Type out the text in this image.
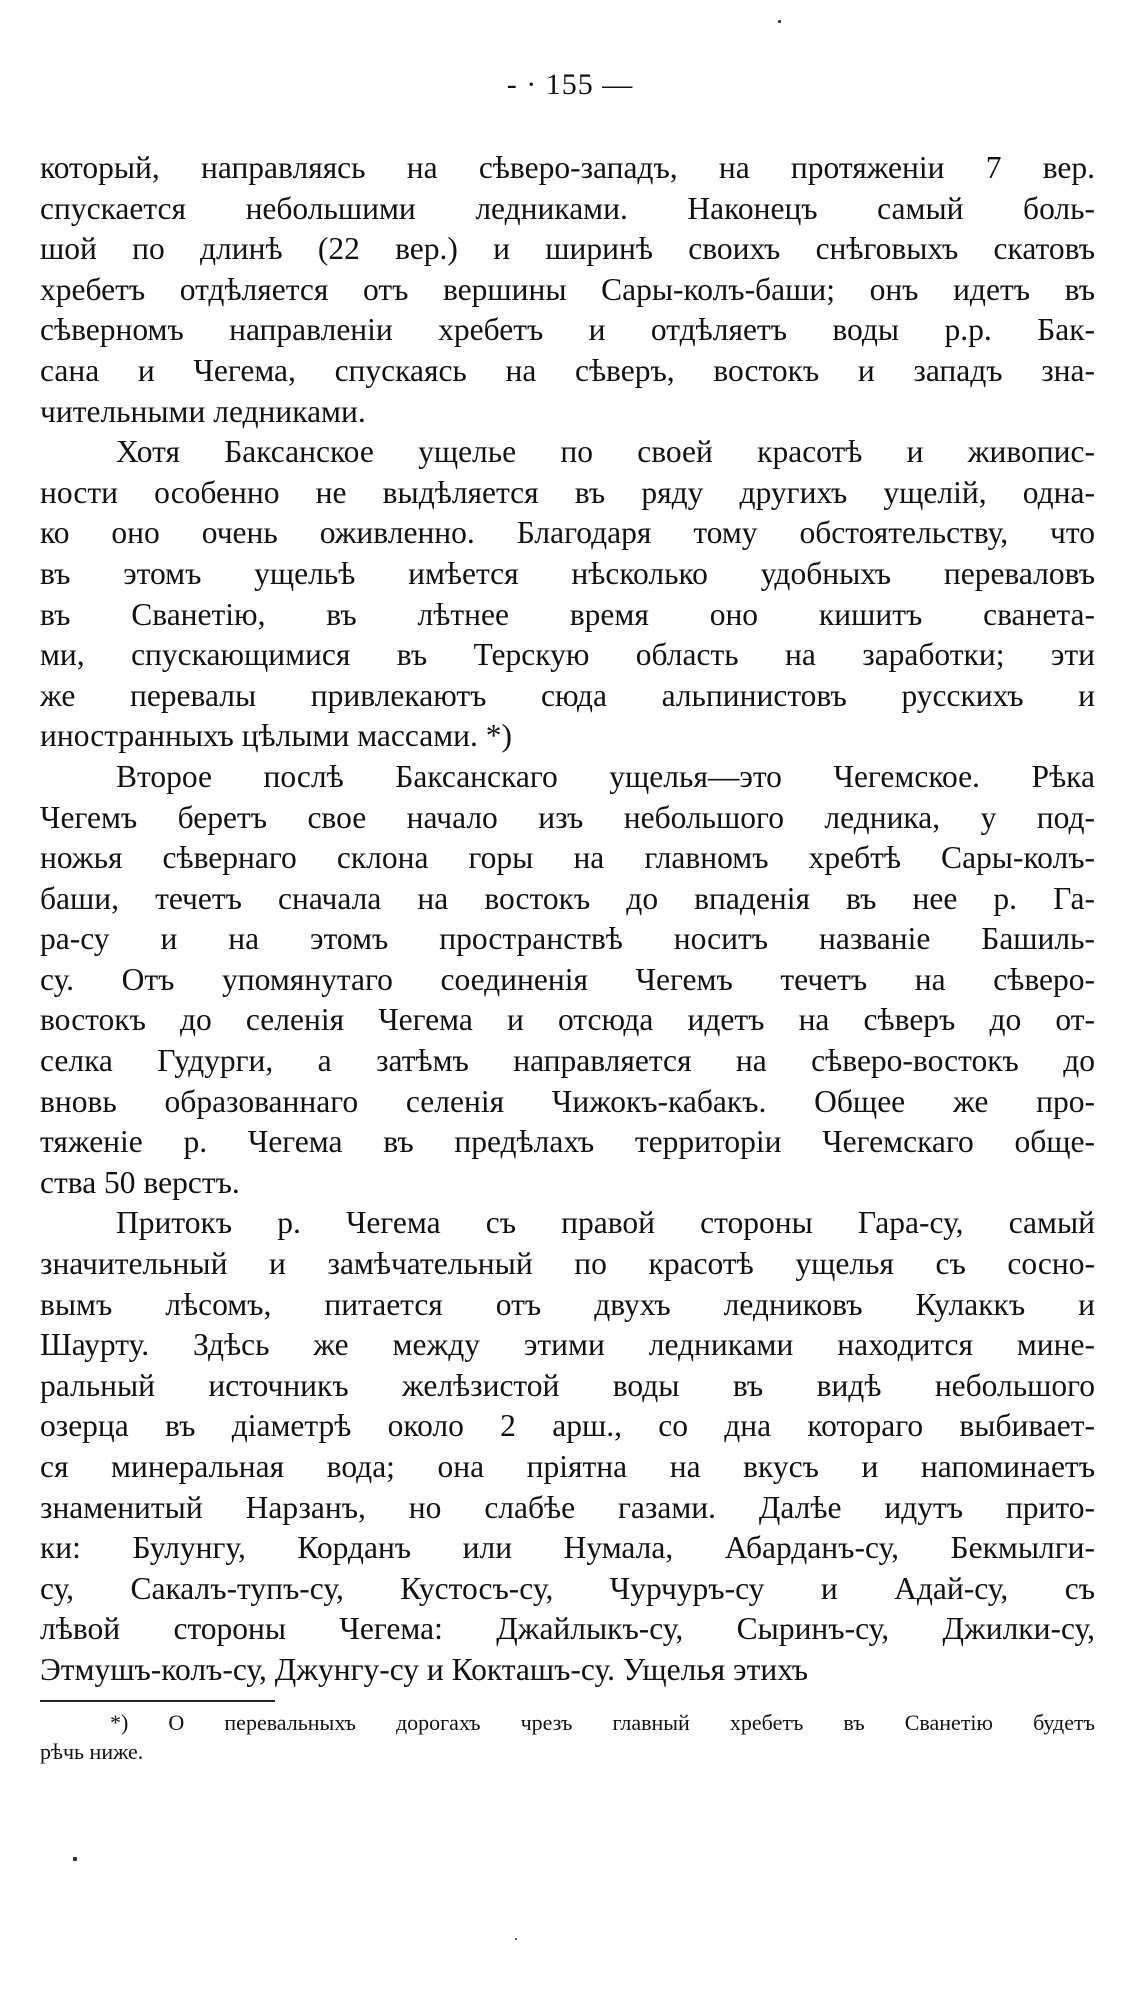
- · 155 —
который, направляясь на сѣверо-западъ, на протяженіи 7 вер.
спускается небольшими ледниками. Наконецъ самый боль-
шой по длинѣ (22 вер.) и ширинѣ своихъ снѣговыхъ скатовъ
хребетъ отдѣляется отъ вершины Сары-колъ-баши; онъ идетъ въ
сѣверномъ направленіи хребетъ и отдѣляетъ воды р.р. Бак-
сана и Чегема, спускаясь на сѣверъ, востокъ и западъ зна-
чительными ледниками.
Хотя Баксанское ущелье по своей красотѣ и живопис-
ности особенно не выдѣляется въ ряду другихъ ущелій, одна-
ко оно очень оживленно. Благодаря тому обстоятельству, что
въ этомъ ущельѣ имѣется нѣсколько удобныхъ переваловъ
въ Сванетію, въ лѣтнее время оно кишитъ сванета-
ми, спускающимися въ Терскую область на заработки; эти
же перевалы привлекаютъ сюда альпинистовъ русскихъ и
иностранныхъ цѣлыми массами. *)
Второе послѣ Баксанскаго ущелья—это Чегемское. Рѣка
Чегемъ беретъ свое начало изъ небольшого ледника, у под-
ножья сѣвернаго склона горы на главномъ хребтѣ Сары-колъ-
баши, течетъ сначала на востокъ до впаденія въ нее р. Га-
ра-су и на этомъ пространствѣ носитъ названіе Башиль-
су. Отъ упомянутаго соединенія Чегемъ течетъ на сѣверо-
востокъ до селенія Чегема и отсюда идетъ на сѣверъ до от-
селка Гудурги, а затѣмъ направляется на сѣверо-востокъ до
вновь образованнаго селенія Чижокъ-кабакъ. Общее же про-
тяженіе р. Чегема въ предѣлахъ территоріи Чегемскаго обще-
ства 50 верстъ.
Притокъ р. Чегема съ правой стороны Гара-су, самый
значительный и замѣчательный по красотѣ ущелья съ сосно-
вымъ лѣсомъ, питается отъ двухъ ледниковъ Кулаккъ и
Шаурту. Здѣсь же между этими ледниками находится мине-
ральный источникъ желѣзистой воды въ видѣ небольшого
озерца въ діаметрѣ около 2 арш., со дна котораго выбивает-
ся минеральная вода; она пріятна на вкусъ и напоминаетъ
знаменитый Нарзанъ, но слабѣе газами. Далѣе идутъ прито-
ки: Булунгу, Корданъ или Нумала, Абарданъ-су, Бекмылги-
су, Сакалъ-тупъ-су, Кустосъ-су, Чурчуръ-су и Адай-су, съ
лѣвой стороны Чегема: Джайлыкъ-су, Сыринъ-су, Джилки-су,
Этмушъ-колъ-су, Джунгу-су и Кокташъ-су. Ущелья этихъ
*) О перевальныхъ дорогахъ чрезъ главный хребетъ въ Сванетію будетъ
рѣчь ниже.
